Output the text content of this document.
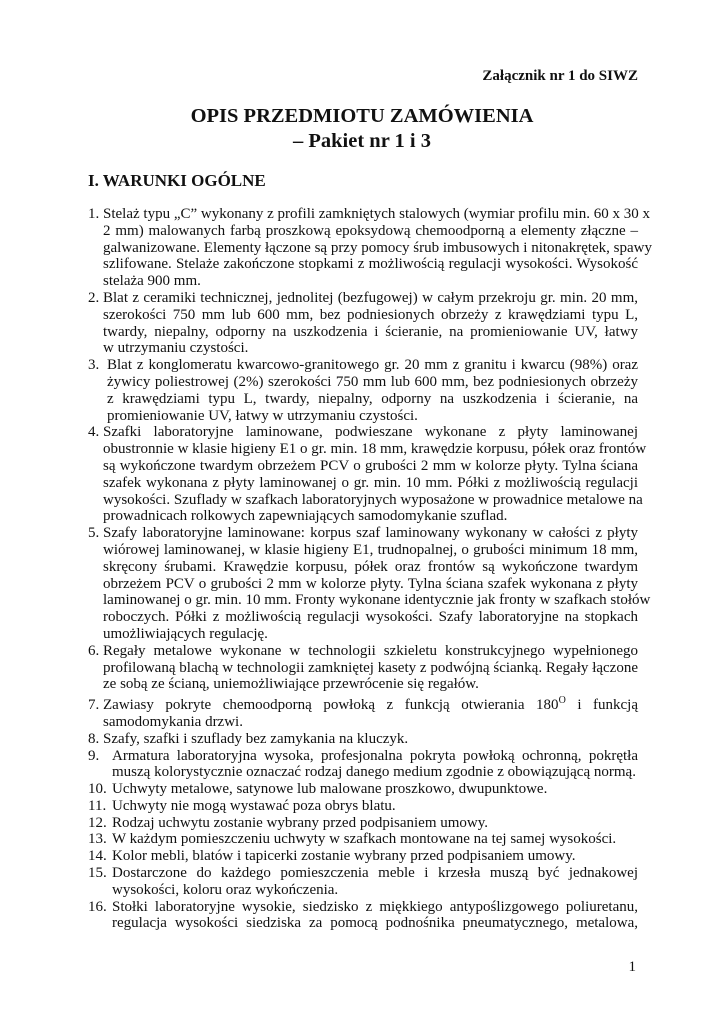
Załącznik nr 1 do SIWZ
OPIS PRZEDMIOTU ZAMÓWIENIA
– Pakiet nr 1 i 3
I. WARUNKI OGÓLNE
1. Stelaż typu „C” wykonany z profili zamkniętych stalowych (wymiar profilu min. 60 x 30 x
2 mm) malowanych farbą proszkową epoksydową chemoodporną a elementy złączne –
galwanizowane. Elementy łączone są przy pomocy śrub imbusowych i nitonakrętek, spawy
szlifowane. Stelaże zakończone stopkami z możliwością regulacji wysokości. Wysokość
stelaża 900 mm.
2. Blat z ceramiki technicznej, jednolitej (bezfugowej) w całym przekroju gr. min. 20 mm,
szerokości 750 mm lub 600 mm, bez podniesionych obrzeży z krawędziami typu L,
twardy, niepalny, odporny na uszkodzenia i ścieranie, na promieniowanie UV, łatwy
w utrzymaniu czystości.
3. Blat z konglomeratu kwarcowo-granitowego gr. 20 mm z granitu i kwarcu (98%) oraz
żywicy poliestrowej (2%) szerokości 750 mm lub 600 mm, bez podniesionych obrzeży
z krawędziami typu L, twardy, niepalny, odporny na uszkodzenia i ścieranie, na
promieniowanie UV, łatwy w utrzymaniu czystości.
4. Szafki laboratoryjne laminowane, podwieszane wykonane z płyty laminowanej
obustronnie w klasie higieny E1 o gr. min. 18 mm, krawędzie korpusu, półek oraz frontów
są wykończone twardym obrzeżem PCV o grubości 2 mm w kolorze płyty. Tylna ściana
szafek wykonana z płyty laminowanej o gr. min. 10 mm. Półki z możliwością regulacji
wysokości. Szuflady w szafkach laboratoryjnych wyposażone w prowadnice metalowe na
prowadnicach rolkowych zapewniających samodomykanie szuflad.
5. Szafy laboratoryjne laminowane: korpus szaf laminowany wykonany w całości z płyty
wiórowej laminowanej, w klasie higieny E1, trudnopalnej, o grubości minimum 18 mm,
skręcony śrubami. Krawędzie korpusu, półek oraz frontów są wykończone twardym
obrzeżem PCV o grubości 2 mm w kolorze płyty. Tylna ściana szafek wykonana z płyty
laminowanej o gr. min. 10 mm. Fronty wykonane identycznie jak fronty w szafkach stołów
roboczych. Półki z możliwością regulacji wysokości. Szafy laboratoryjne na stopkach
umożliwiających regulację.
6. Regały metalowe wykonane w technologii szkieletu konstrukcyjnego wypełnionego
profilowaną blachą w technologii zamkniętej kasety z podwójną ścianką. Regały łączone
ze sobą ze ścianą, uniemożliwiające przewrócenie się regałów.
7. Zawiasy pokryte chemoodporną powłoką z funkcją otwierania $180^O$ i funkcją
samodomykania drzwi.
8. Szafy, szafki i szuflady bez zamykania na kluczyk.
9. Armatura laboratoryjna wysoka, profesjonalna pokryta powłoką ochronną, pokrętła
muszą kolorystycznie oznaczać rodzaj danego medium zgodnie z obowiązującą normą.
10. Uchwyty metalowe, satynowe lub malowane proszkowo, dwupunktowe.
11. Uchwyty nie mogą wystawać poza obrys blatu.
12. Rodzaj uchwytu zostanie wybrany przed podpisaniem umowy.
13. W każdym pomieszczeniu uchwyty w szafkach montowane na tej samej wysokości.
14. Kolor mebli, blatów i tapicerki zostanie wybrany przed podpisaniem umowy.
15. Dostarczone do każdego pomieszczenia meble i krzesła muszą być jednakowej
wysokości, koloru oraz wykończenia.
16. Stołki laboratoryjne wysokie, siedzisko z miękkiego antypoślizgowego poliuretanu,
regulacja wysokości siedziska za pomocą podnośnika pneumatycznego, metalowa,
1
